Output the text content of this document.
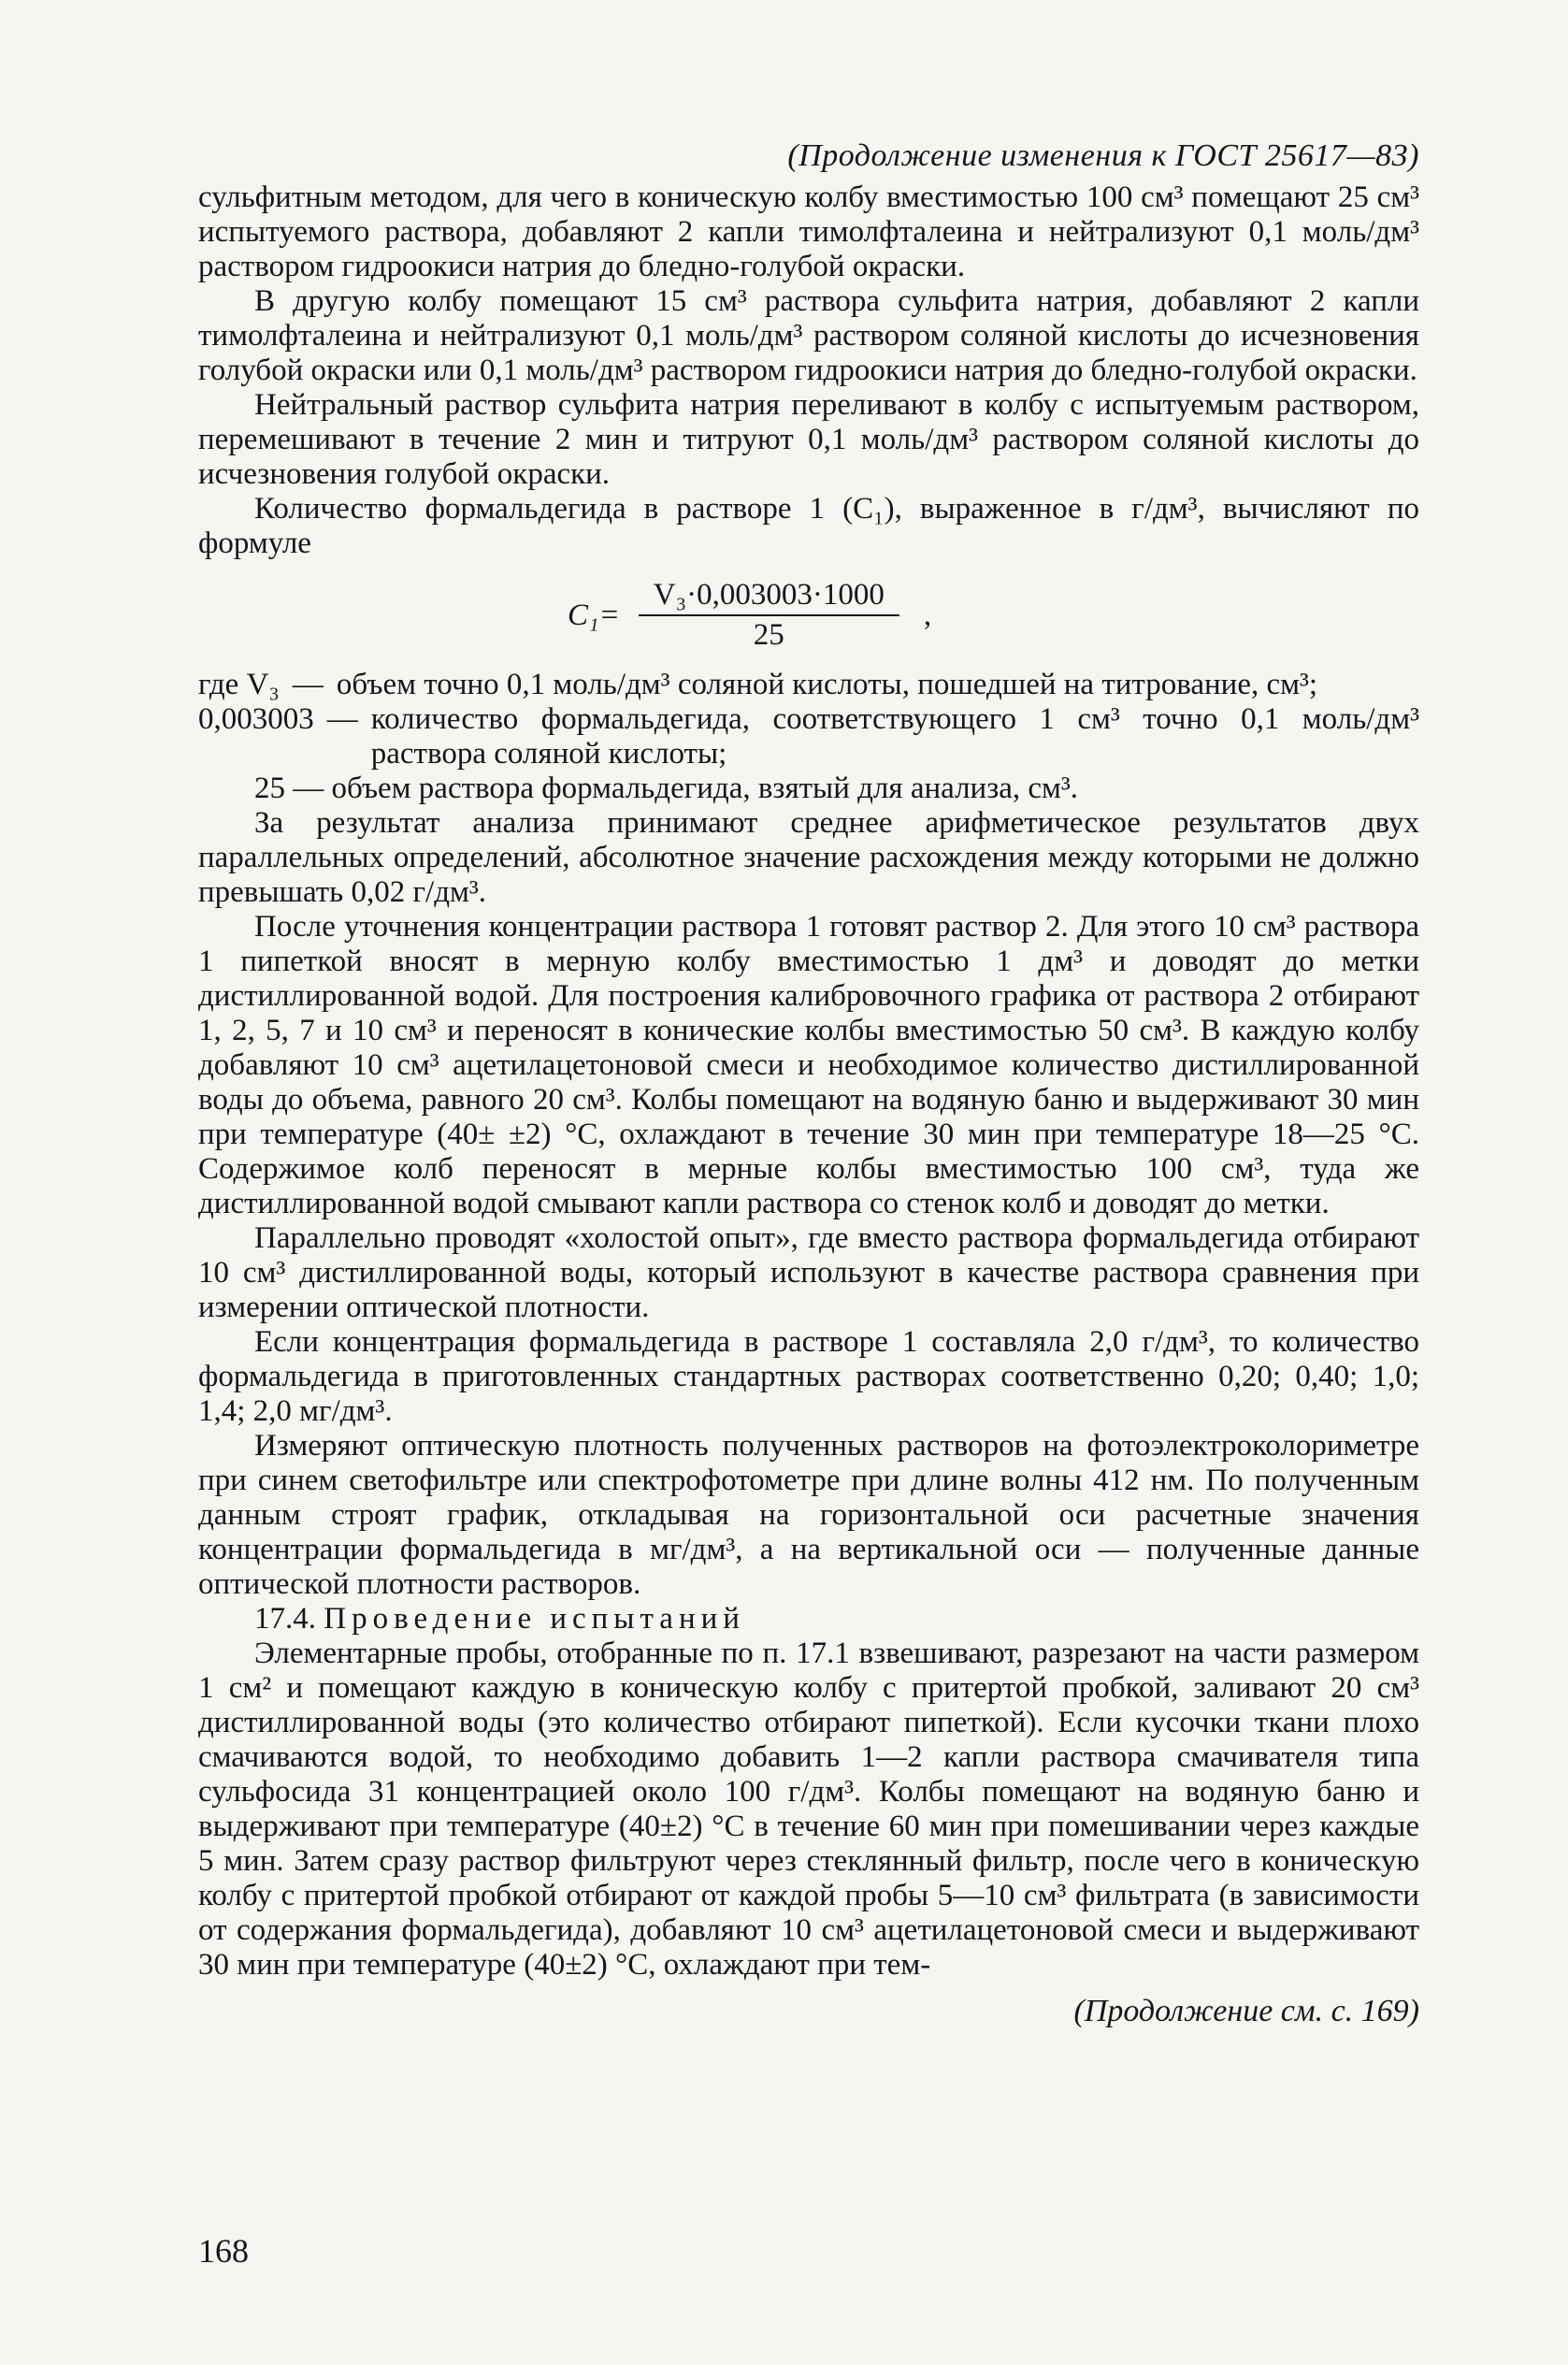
(Продолжение изменения к ГОСТ 25617—83)

сульфитным методом, для чего в коническую колбу вместимостью 100 см³ помещают 25 см³ испытуемого раствора, добавляют 2 капли тимолфталеина и нейтрализуют 0,1 моль/дм³ раствором гидроокиси натрия до бледно-голубой окраски.

В другую колбу помещают 15 см³ раствора сульфита натрия, добавляют 2 капли тимолфталеина и нейтрализуют 0,1 моль/дм³ раствором соляной кислоты до исчезновения голубой окраски или 0,1 моль/дм³ раствором гидроокиси натрия до бледно-голубой окраски.

Нейтральный раствор сульфита натрия переливают в колбу с испытуемым раствором, перемешивают в течение 2 мин и титруют 0,1 моль/дм³ раствором соляной кислоты до исчезновения голубой окраски.

Количество формальдегида в растворе 1 (C₁), выраженное в г/дм³, вычисляют по формуле

$C_1= \frac{\text{V₃·0,003003·1000}}{25}$ ,
где V₃ — объем точно 0,1 моль/дм³ соляной кислоты, пошедшей на титрование, см³;
0,003003 — количество формальдегида, соответствующего 1 см³ точно 0,1 моль/дм³ раствора соляной кислоты;

25 — объем раствора формальдегида, взятый для анализа, см³.

За результат анализа принимают среднее арифметическое результатов двух параллельных определений, абсолютное значение расхождения между которыми не должно превышать 0,02 г/дм³.

После уточнения концентрации раствора 1 готовят раствор 2. Для этого 10 см³ раствора 1 пипеткой вносят в мерную колбу вместимостью 1 дм³ и доводят до метки дистиллированной водой. Для построения калибровочного графика от раствора 2 отбирают 1, 2, 5, 7 и 10 см³ и переносят в конические колбы вместимостью 50 см³. В каждую колбу добавляют 10 см³ ацетилацетоновой смеси и необходимое количество дистиллированной воды до объема, равного 20 см³. Колбы помещают на водяную баню и выдерживают 30 мин при температуре (40± ±2) °С, охлаждают в течение 30 мин при температуре 18—25 °С. Содержимое колб переносят в мерные колбы вместимостью 100 см³, туда же дистиллированной водой смывают капли раствора со стенок колб и доводят до метки.

Параллельно проводят «холостой опыт», где вместо раствора формальдегида отбирают 10 см³ дистиллированной воды, который используют в качестве раствора сравнения при измерении оптической плотности.

Если концентрация формальдегида в растворе 1 составляла 2,0 г/дм³, то количество формальдегида в приготовленных стандартных растворах соответственно 0,20; 0,40; 1,0; 1,4; 2,0 мг/дм³.

Измеряют оптическую плотность полученных растворов на фотоэлектроколориметре при синем светофильтре или спектрофотометре при длине волны 412 нм. По полученным данным строят график, откладывая на горизонтальной оси расчетные значения концентрации формальдегида в мг/дм³, а на вертикальной оси — полученные данные оптической плотности растворов.

17.4. Проведение испытаний

Элементарные пробы, отобранные по п. 17.1 взвешивают, разрезают на части размером 1 см² и помещают каждую в коническую колбу с притертой пробкой, заливают 20 см³ дистиллированной воды (это количество отбирают пипеткой). Если кусочки ткани плохо смачиваются водой, то необходимо добавить 1—2 капли раствора смачивателя типа сульфосида 31 концентрацией около 100 г/дм³. Колбы помещают на водяную баню и выдерживают при температуре (40±2) °С в течение 60 мин при помешивании через каждые 5 мин. Затем сразу раствор фильтруют через стеклянный фильтр, после чего в коническую колбу с притертой пробкой отбирают от каждой пробы 5—10 см³ фильтрата (в зависимости от содержания формальдегида), добавляют 10 см³ ацетилацетоновой смеси и выдерживают 30 мин при температуре (40±2) °С, охлаждают при тем-

(Продолжение см. с. 169)
168
